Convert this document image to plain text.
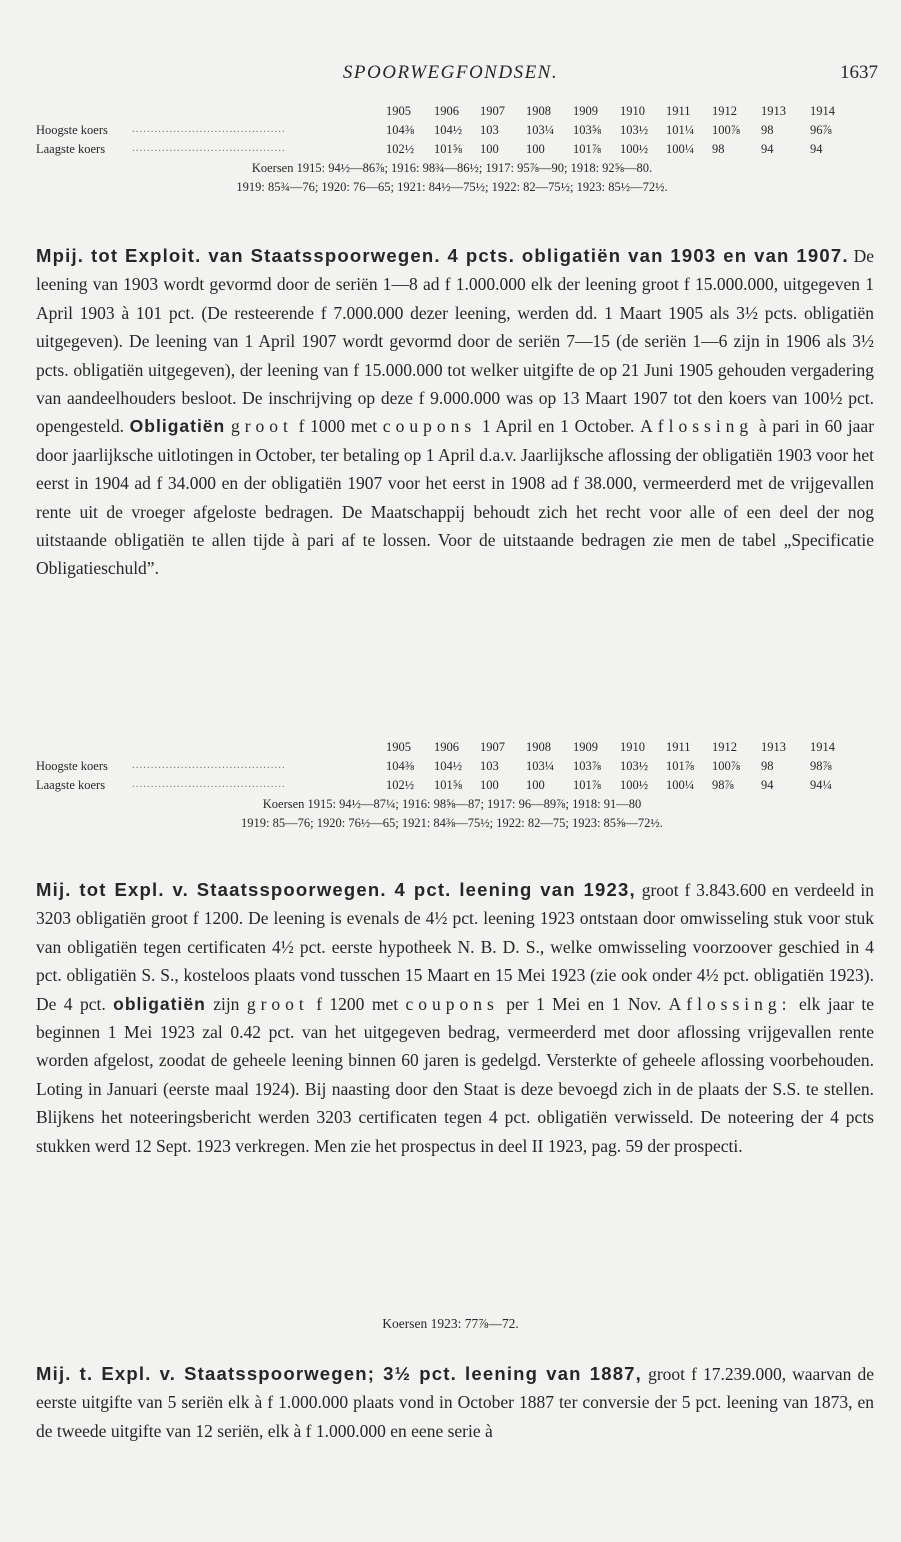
SPOORWEGFONDSEN.	1637
1905	1906	1907	1908	1909	1910	1911	1912	1913	1914
Hoogste koers .........................................	104⅜	104½	103	103¼	103⅝	103½	101¼	100⅞	98	96⅞
Laagste koers .........................................	102½	101⅝	100	100	101⅞	100½	100¼	98	94	94
Koersen 1915: 94½—86⅞; 1916: 98¾—86½; 1917: 95⅞—90; 1918: 92⅝—80.
1919: 85¾—76; 1920: 76—65; 1921: 84½—75½; 1922: 82—75½; 1923: 85½—72½.
Mpij. tot Exploit. van Staatsspoorwegen. 4 pcts. obligatiën van 1903 en van 1907. De leening van 1903 wordt gevormd door de seriën 1—8 ad f 1.000.000 elk der leening groot f 15.000.000, uitgegeven 1 April 1903 à 101 pct. (De resteerende f 7.000.000 dezer leening, werden dd. 1 Maart 1905 als 3½ pcts. obligatiën uitgegeven). De leening van 1 April 1907 wordt gevormd door de seriën 7—15 (de seriën 1—6 zijn in 1906 als 3½ pcts. obligatiën uitgegeven), der leening van f 15.000.000 tot welker uitgifte de op 21 Juni 1905 gehouden vergadering van aandeelhouders besloot. De inschrijving op deze f 9.000.000 was op 13 Maart 1907 tot den koers van 100½ pct. opengesteld. Obligatiën groot f 1000 met coupons 1 April en 1 October. Aflossing à pari in 60 jaar door jaarlijksche uitlotingen in October, ter betaling op 1 April d.a.v. Jaarlijksche aflossing der obligatiën 1903 voor het eerst in 1904 ad f 34.000 en der obligatiën 1907 voor het eerst in 1908 ad f 38.000, vermeerderd met de vrijgevallen rente uit de vroeger afgeloste bedragen. De Maatschappij behoudt zich het recht voor alle of een deel der nog uitstaande obligatiën te allen tijde à pari af te lossen. Voor de uitstaande bedragen zie men de tabel „Specificatie Obligatieschuld”.
1905	1906	1907	1908	1909	1910	1911	1912	1913	1914
Hoogste koers .........................................	104⅜	104½	103	103¼	103⅞	103½	101⅞	100⅞	98	98⅞
Laagste koers .........................................	102½	101⅝	100	100	101⅞	100½	100¼	98⅞	94	94¼
Koersen 1915: 94½—87¼; 1916: 98⅝—87; 1917: 96—89⅞; 1918: 91—80
1919: 85—76; 1920: 76½—65; 1921: 84⅜—75½; 1922: 82—75; 1923: 85⅝—72½.
Mij. tot Expl. v. Staatsspoorwegen. 4 pct. leening van 1923, groot f 3.843.600 en verdeeld in 3203 obligatiën groot f 1200. De leening is evenals de 4½ pct. leening 1923 ontstaan door omwisseling stuk voor stuk van obligatiën tegen certificaten 4½ pct. eerste hypotheek N. B. D. S., welke omwisseling voorzoover geschied in 4 pct. obligatiën S. S., kosteloos plaats vond tusschen 15 Maart en 15 Mei 1923 (zie ook onder 4½ pct. obligatiën 1923). De 4 pct. obligatiën zijn groot f 1200 met coupons per 1 Mei en 1 Nov. Aflossing: elk jaar te beginnen 1 Mei 1923 zal 0.42 pct. van het uitgegeven bedrag, vermeerderd met door aflossing vrijgevallen rente worden afgelost, zoodat de geheele leening binnen 60 jaren is gedelgd. Versterkte of geheele aflossing voorbehouden. Loting in Januari (eerste maal 1924). Bij naasting door den Staat is deze bevoegd zich in de plaats der S.S. te stellen. Blijkens het noteeringsbericht werden 3203 certificaten tegen 4 pct. obligatiën verwisseld. De noteering der 4 pcts stukken werd 12 Sept. 1923 verkregen. Men zie het prospectus in deel II 1923, pag. 59 der prospecti.
Koersen 1923: 77⅞—72.
Mij. t. Expl. v. Staatsspoorwegen; 3½ pct. leening van 1887, groot f 17.239.000, waarvan de eerste uitgifte van 5 seriën elk à f 1.000.000 plaats vond in October 1887 ter conversie der 5 pct. leening van 1873, en de tweede uitgifte van 12 seriën, elk à f 1.000.000 en eene serie à
